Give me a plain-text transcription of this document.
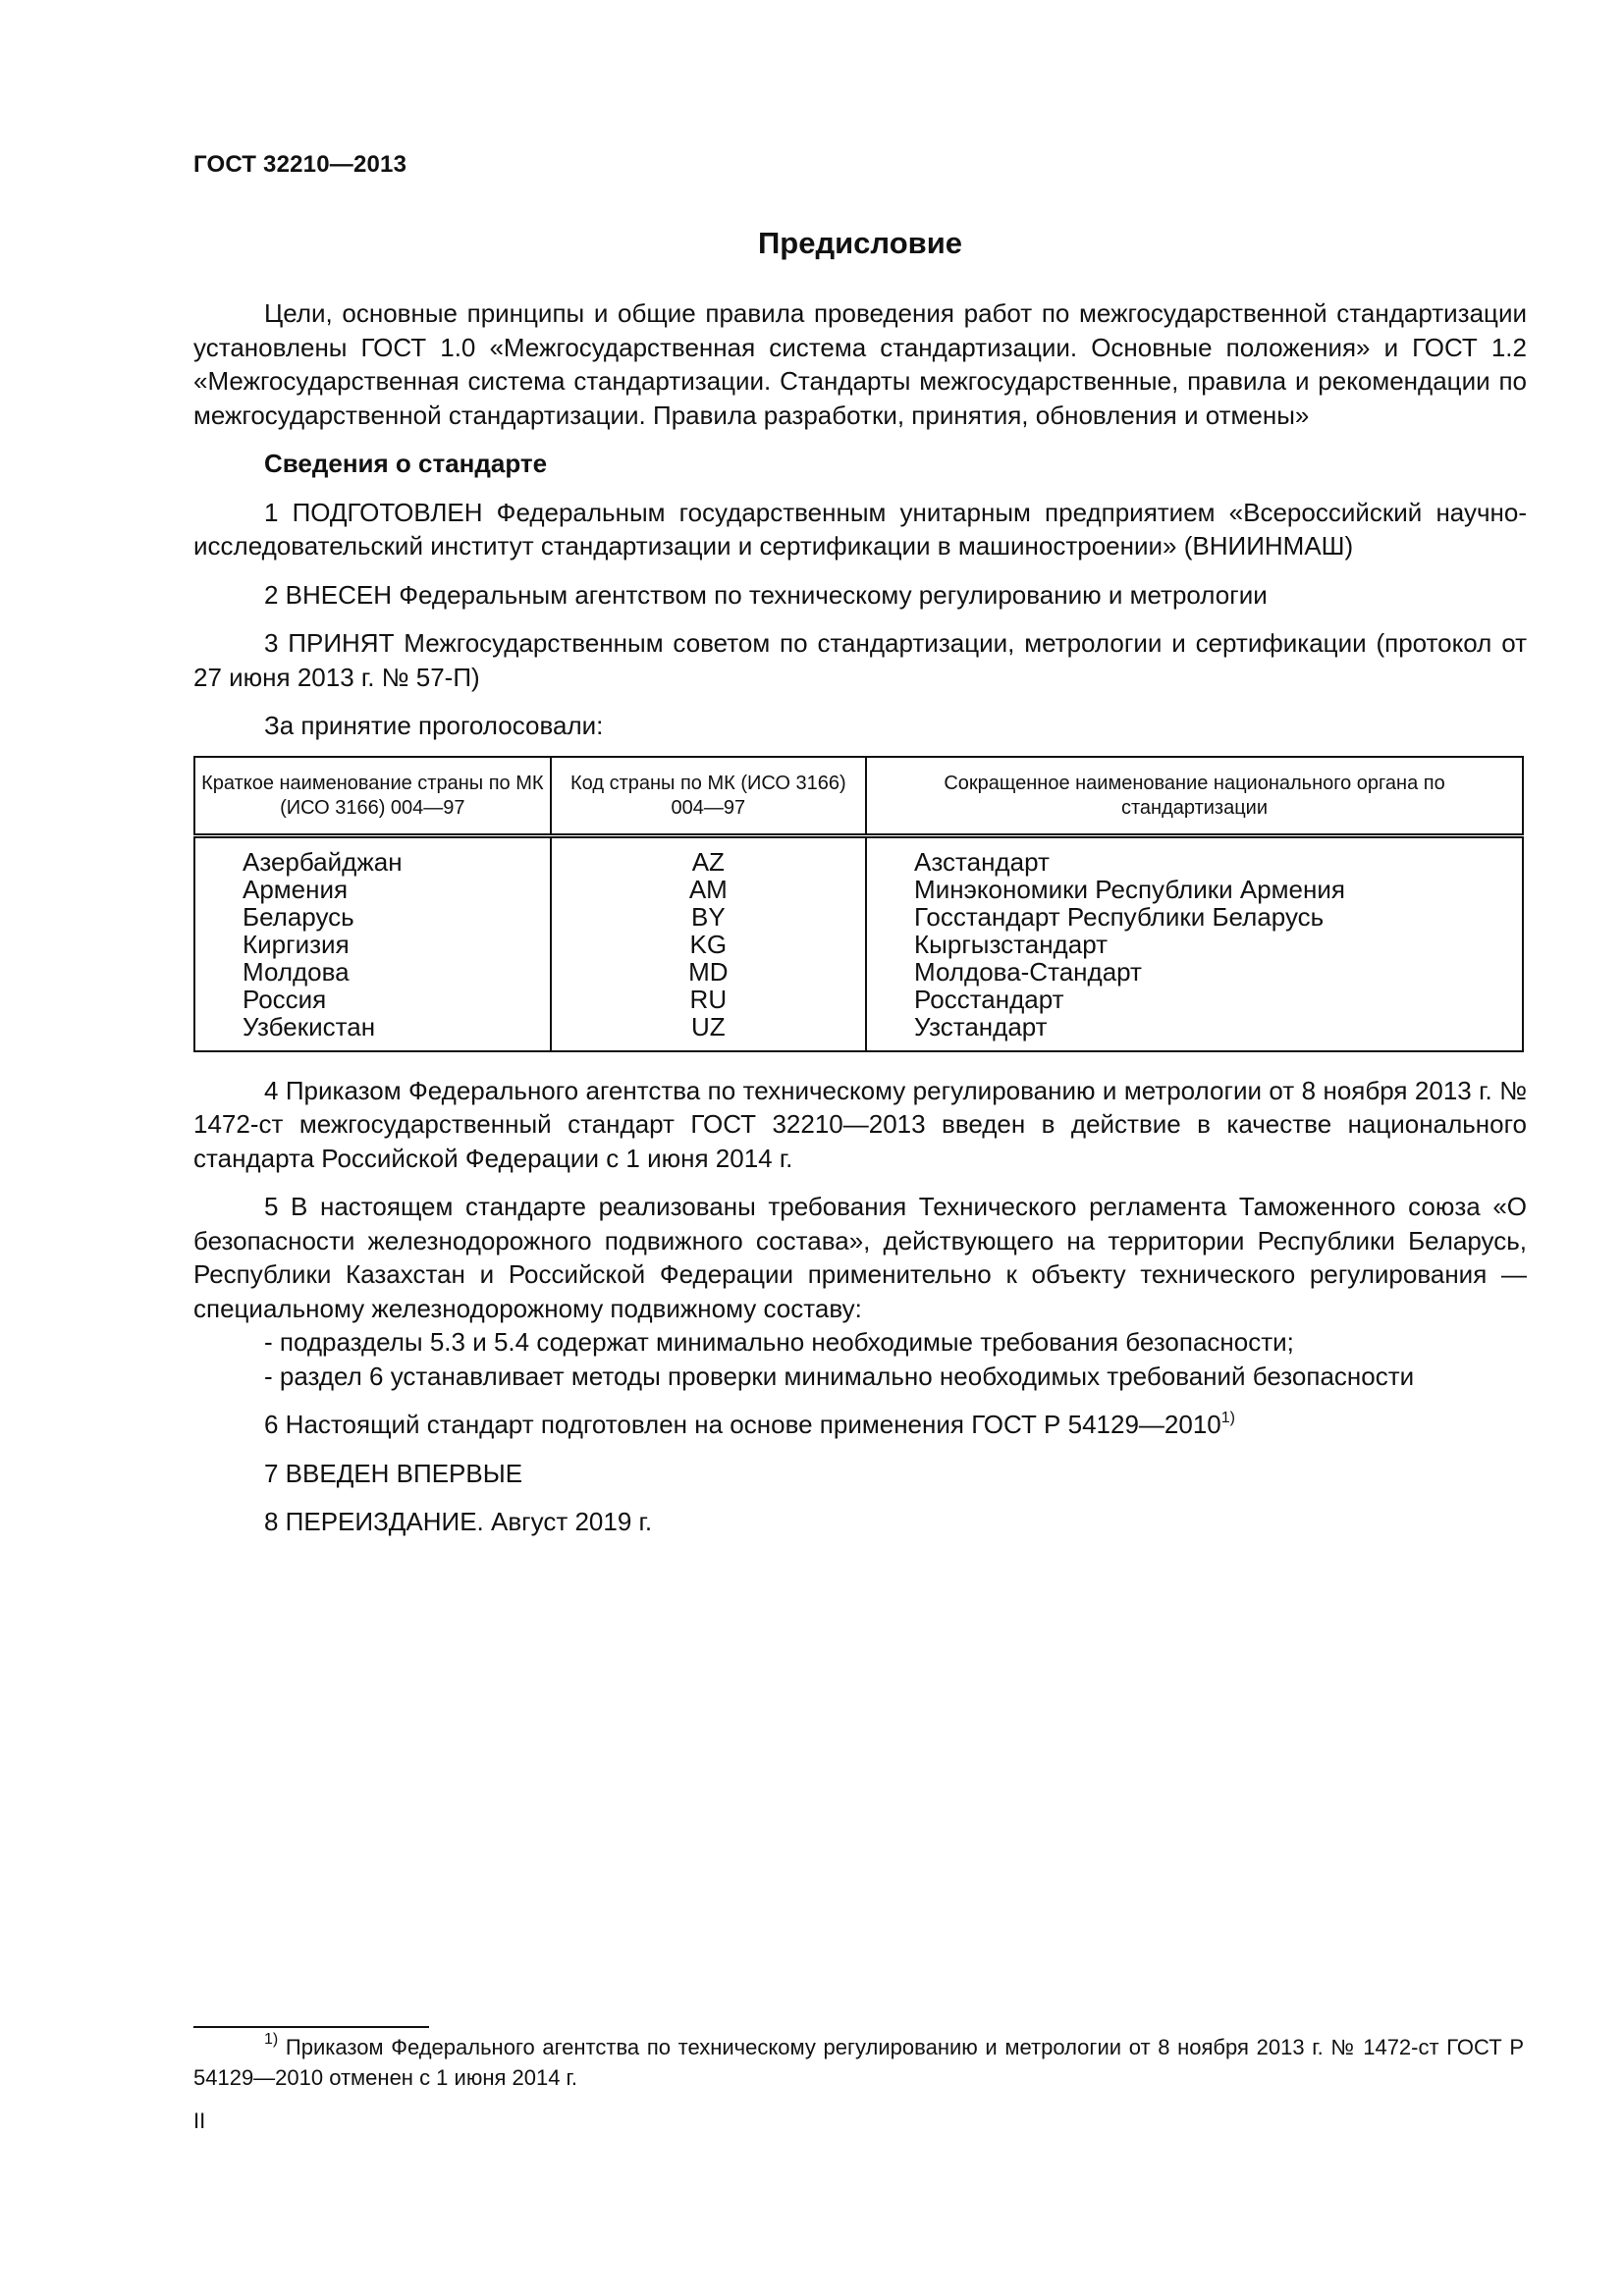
ГОСТ 32210—2013
Предисловие

Цели, основные принципы и общие правила проведения работ по межгосударственной стандартизации установлены ГОСТ 1.0 «Межгосударственная система стандартизации. Основные положения» и ГОСТ 1.2 «Межгосударственная система стандартизации. Стандарты межгосударственные, правила и рекомендации по межгосударственной стандартизации. Правила разработки, принятия, обновления и отмены»

Сведения о стандарте

1 ПОДГОТОВЛЕН Федеральным государственным унитарным предприятием «Всероссийский научно-исследовательский институт стандартизации и сертификации в машиностроении» (ВНИИНМАШ)

2 ВНЕСЕН Федеральным агентством по техническому регулированию и метрологии

3 ПРИНЯТ Межгосударственным советом по стандартизации, метрологии и сертификации (протокол от 27 июня 2013 г. № 57-П)

За принятие проголосовали:

Краткое наименование страны по МК (ИСО 3166) 004—97	Код страны по МК (ИСО 3166) 004—97	Сокращенное наименование национального органа по стандартизации
Азербайджан	AZ	Азстандарт
Армения	AM	Минэкономики Республики Армения
Беларусь	BY	Госстандарт Республики Беларусь
Киргизия	KG	Кыргызстандарт
Молдова	MD	Молдова-Стандарт
Россия	RU	Росстандарт
Узбекистан	UZ	Узстандарт

4 Приказом Федерального агентства по техническому регулированию и метрологии от 8 ноября 2013 г. № 1472-ст межгосударственный стандарт ГОСТ 32210—2013 введен в действие в качестве национального стандарта Российской Федерации с 1 июня 2014 г.

5 В настоящем стандарте реализованы требования Технического регламента Таможенного союза «О безопасности железнодорожного подвижного состава», действующего на территории Республики Беларусь, Республики Казахстан и Российской Федерации применительно к объекту технического регулирования — специальному железнодорожному подвижному составу:

- подразделы 5.3 и 5.4 содержат минимально необходимые требования безопасности;

- раздел 6 устанавливает методы проверки минимально необходимых требований безопасности

6 Настоящий стандарт подготовлен на основе применения ГОСТ Р 54129—2010$^{1)}$

7 ВВЕДЕН ВПЕРВЫЕ

8 ПЕРЕИЗДАНИЕ. Август 2019 г.

$^{1)}$ Приказом Федерального агентства по техническому регулированию и метрологии от 8 ноября 2013 г. № 1472-ст ГОСТ Р 54129—2010 отменен с 1 июня 2014 г.

II
